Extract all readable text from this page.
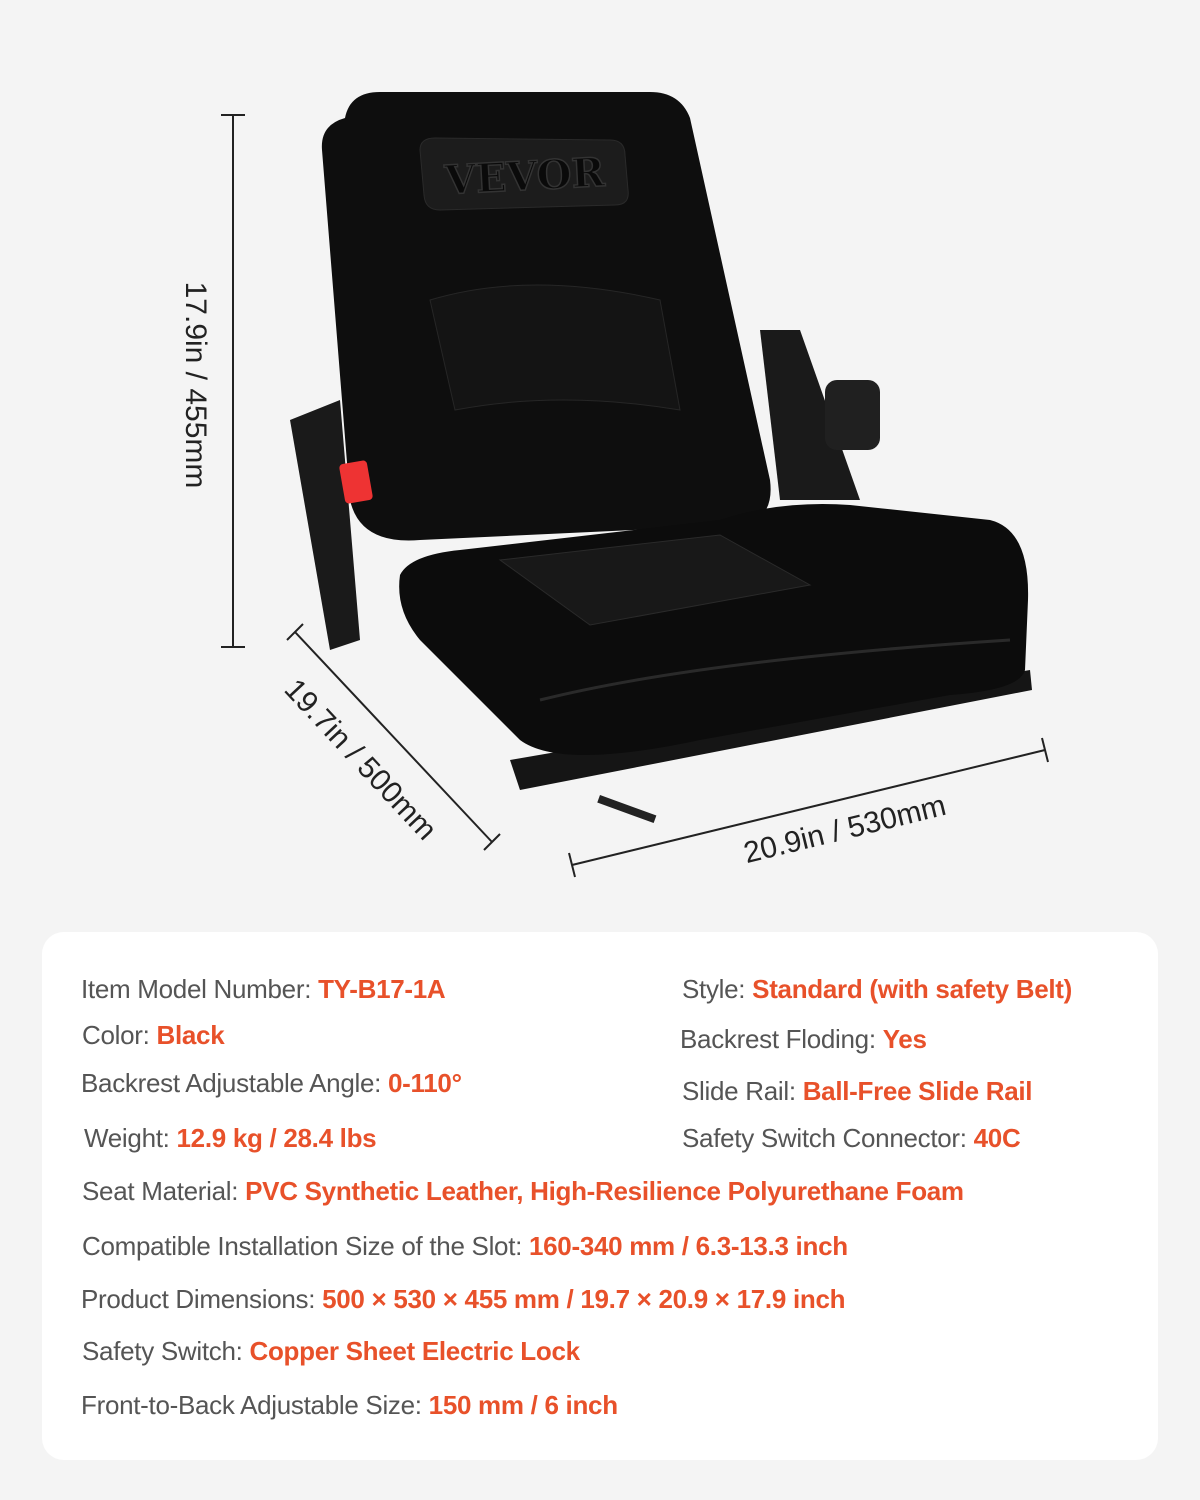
VEVOR
17.9in / 455mm
19.7in / 500mm	20.9in / 530mm
Item Model Number: TY-B17-1A
Color: Black
Backrest Adjustable Angle: 0-110°
Weight: 12.9 kg / 28.4 lbs
Style: Standard (with safety Belt)
Backrest Floding: Yes
Slide Rail: Ball-Free Slide Rail
Safety Switch Connector: 40C
Seat Material: PVC Synthetic Leather, High-Resilience Polyurethane Foam
Compatible Installation Size of the Slot: 160-340 mm / 6.3-13.3 inch
Product Dimensions: 500 × 530 × 455 mm / 19.7 × 20.9 × 17.9 inch
Safety Switch: Copper Sheet Electric Lock
Front-to-Back Adjustable Size: 150 mm / 6 inch
